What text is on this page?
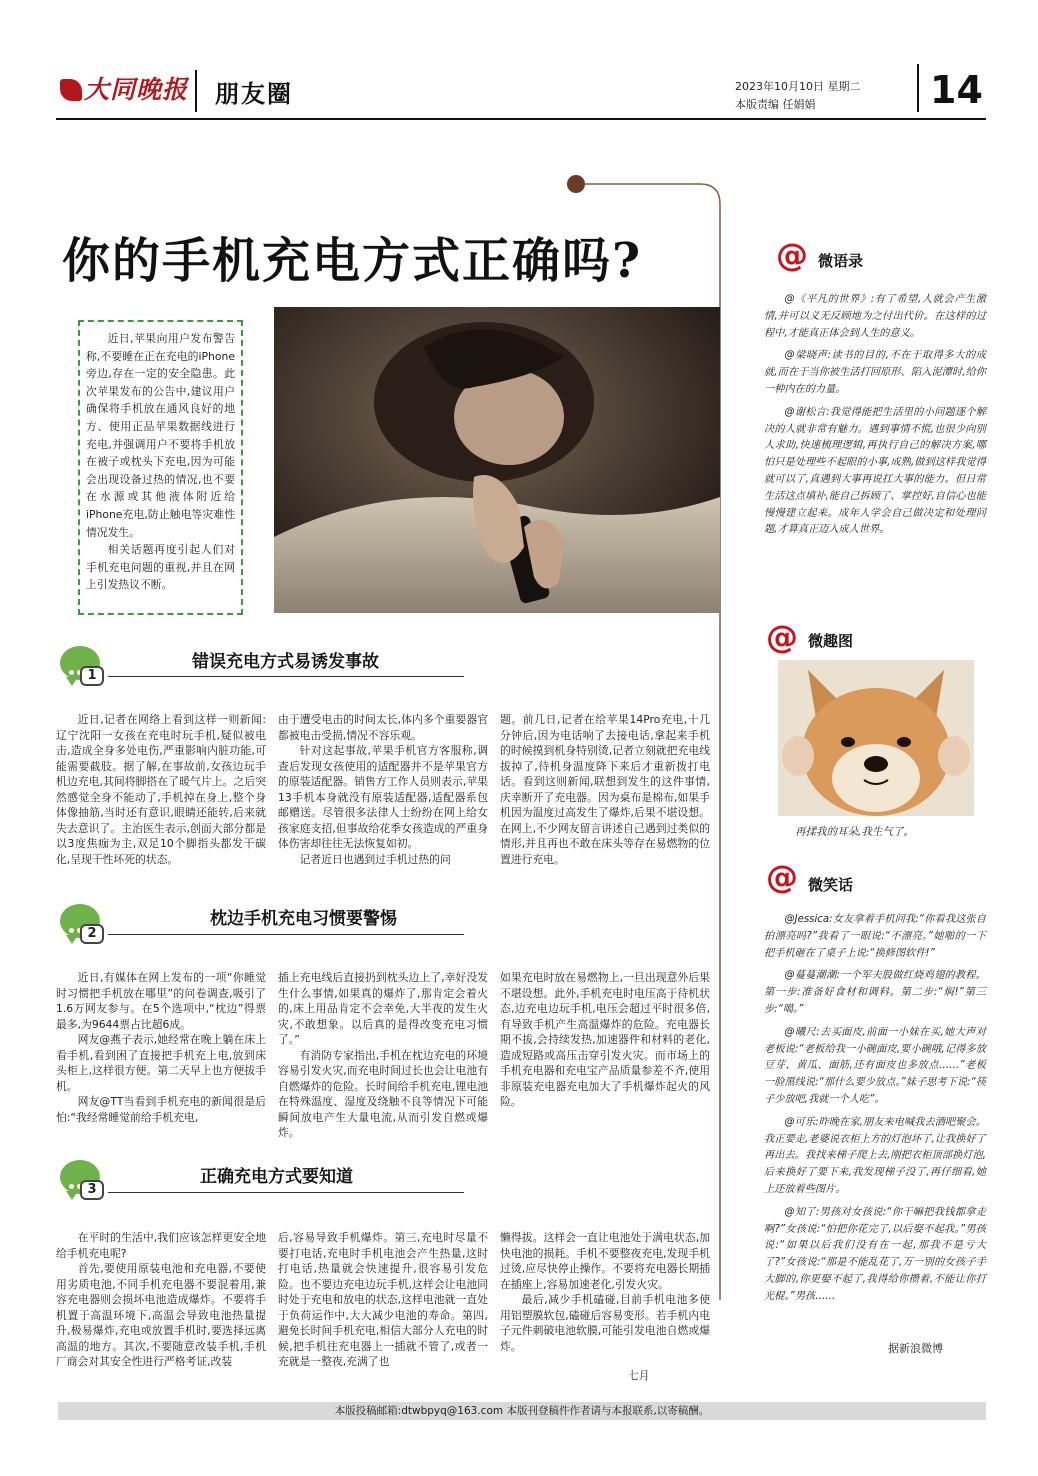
大同晚报 朋友圈	2023年10月10日 星期二
本版责编 任娟娟	14
你的手机充电方式正确吗?

近日,苹果向用户发布警告称,不要睡在正在充电的iPhone旁边,存在一定的安全隐患。此次苹果发布的公告中,建议用户确保将手机放在通风良好的地方、使用正品苹果数据线进行充电,并强调用户不要将手机放在被子或枕头下充电,因为可能会出现设备过热的情况,也不要在水源或其他液体附近给iPhone充电,防止触电等灾难性情况发生。

相关话题再度引起人们对手机充电问题的重视,并且在网上引发热议不断。

1
错误充电方式易诱发事故

近日,记者在网络上看到这样一则新闻:辽宁沈阳一女孩在充电时玩手机,疑似被电击,造成全身多处电伤,严重影响内脏功能,可能需要截肢。据了解,在事故前,女孩边玩手机边充电,其间将脚搭在了暖气片上。之后突然感觉全身不能动了,手机掉在身上,整个身体像抽筋,当时还有意识,眼睛还能转,后来就失去意识了。主治医生表示,创面大部分都是以3度焦痂为主,双足10个脚指头都发干碳化,呈现干性坏死的状态。

由于遭受电击的时间太长,体内多个重要器官都被电击受损,情况不容乐观。

针对这起事故,苹果手机官方客服称,调查后发现女孩使用的适配器并不是苹果官方的原装适配器。销售方工作人员则表示,苹果13手机本身就没有原装适配器,适配器系包邮赠送。尽管很多法律人士纷纷在网上给女孩家庭支招,但事故给花季女孩造成的严重身体伤害却往往无法恢复如初。

记者近日也遇到过手机过热的问

题。前几日,记者在给苹果14Pro充电,十几分钟后,因为电话响了去接电话,拿起来手机的时候摸到机身特别烫,记者立刻就把充电线拔掉了,待机身温度降下来后才重新拨打电话。看到这则新闻,联想到发生的这件事情,庆幸断开了充电器。因为桌布是棉布,如果手机因为温度过高发生了爆炸,后果不堪设想。在网上,不少网友留言讲述自己遇到过类似的情形,并且再也不敢在床头等存在易燃物的位置进行充电。

2
枕边手机充电习惯要警惕

近日,有媒体在网上发布的一项“你睡觉时习惯把手机放在哪里”的问卷调查,吸引了1.6万网友参与。在5个选项中,“枕边”得票最多,为9644票占比超6成。

网友@燕子表示,她经常在晚上躺在床上看手机,看到困了直接把手机充上电,放到床头柜上,这样很方便。第二天早上也方便拔手机。

网友@TT当看到手机充电的新闻很是后怕:“我经常睡觉前给手机充电,

插上充电线后直接扔到枕头边上了,幸好没发生什么事情,如果真的爆炸了,那肯定会着火的,床上用品肯定不会幸免,大半夜的发生火灾,不敢想象。以后真的是得改变充电习惯了。”

有消防专家指出,手机在枕边充电的环境容易引发火灾,而充电时间过长也会让电池有自燃爆炸的危险。长时间给手机充电,锂电池在特殊温度、湿度及绕触不良等情况下可能瞬间放电产生大量电流,从而引发自燃或爆炸。

如果充电时放在易燃物上,一旦出现意外后果不堪设想。此外,手机充电时电压高于待机状态,边充电边玩手机,电压会超过平时很多倍,有导致手机产生高温爆炸的危险。充电器长期不拔,会持续发热,加速器件和材料的老化,造成短路或高压击穿引发火灾。而市场上的手机充电器和充电宝产品质量参差不齐,使用非原装充电器充电加大了手机爆炸起火的风险。

3
正确充电方式要知道

在平时的生活中,我们应该怎样更安全地给手机充电呢?

首先,要使用原装电池和充电器,不要使用劣质电池,不同手机充电器不要混着用,兼容充电器则会损坏电池造成爆炸。不要将手机置于高温环境下,高温会导致电池热量提升,极易爆炸,充电或放置手机时,要选择远离高温的地方。其次,不要随意改装手机,手机厂商会对其安全性进行严格考证,改装

后,容易导致手机爆炸。第三,充电时尽量不要打电话,充电时手机电池会产生热量,这时打电话,热量就会快速提升,很容易引发危险。也不要边充电边玩手机,这样会让电池同时处于充电和放电的状态,这样电池就一直处于负荷运作中,大大减少电池的寿命。第四,避免长时间手机充电,相信大部分人充电的时候,把手机往充电器上一插就不管了,或者一充就是一整夜,充满了也

懒得拔。这样会一直让电池处于满电状态,加快电池的损耗。手机不要整夜充电,发现手机过烫,应尽快停止操作。不要将充电器长期插在插座上,容易加速老化,引发火灾。

最后,减少手机磕碰,目前手机电池多使用铝塑膜软包,磕碰后容易变形。若手机内电子元件刺破电池软膜,可能引发电池自燃或爆炸。

七月
@ 微语录

@《平凡的世界》:有了希望,人就会产生激情,并可以义无反顾地为之付出代价。在这样的过程中,才能真正体会到人生的意义。

@梁晓声:读书的目的,不在于取得多大的成就,而在于当你被生活打回原形、陷入泥潭时,给你一种内在的力量。

@谢松言:我觉得能把生活里的小问题逐个解决的人就非常有魅力。遇到事情不慌,也很少向别人求助,快速梳理逻辑,再执行自己的解决方案,哪怕只是处理些不起眼的小事,成熟,做到这样我觉得就可以了,真遇到大事再说扛大事的能力。但日常生活这点填补,能自己拆顾了、掌控好,自信心也能慢慢建立起来。成年人学会自己做决定和处理问题,才算真正迈入成人世界。

@ 微趣图
再揉我的耳朵,我生气了。
@ 微笑话

@Jessica:女友拿着手机问我:“你看我这张自拍漂亮吗?”我看了一眼说:“不漂亮。”她啪的一下把手机砸在了桌子上说:“换修图软件!”

@蔓蔓潮潮:一个军夫股做红烧鸡翅的教程。第一步:准备好食材和调料。第二步:“焖!”第三步:“噶。”

@曦尺:去买面皮,前面一小妹在买,她大声对老板说:“老板给我一小碗面皮,要小碗哦,记得多放豆芽、黄瓜、面筋,还有面皮也多放点……”老板一脸黑线说:“那什么要少放点。”妹子思考下说:“筷子少放吧,我就一个人吃”。

@可乐:昨晚在家,朋友来电喊我去酒吧聚会。我正要走,老婆说衣柜上方的灯泡坏了,让我换好了再出去。我找来梯子爬上去,刚把衣柜顶部换灯泡,后来换好了要下来,我发现梯子没了,再仔细看,她上还放着些图片。

@知了:男孩对女孩说:“你干嘛把我钱都拿走啊?”女孩说:“怕把你花完了,以后娶不起我。”男孩说:“如果以后我们没有在一起,那我不是亏大了?”女孩说:“那是不能乱花了,万一别的女孩子手大脚的,你更娶不起了,我得给你攒着,不能让你打光棍。”男孩……

据新浪微博
本版投稿邮箱:dtwbpyq@163.com 本版刊登稿件作者请与本报联系,以寄稿酬。
